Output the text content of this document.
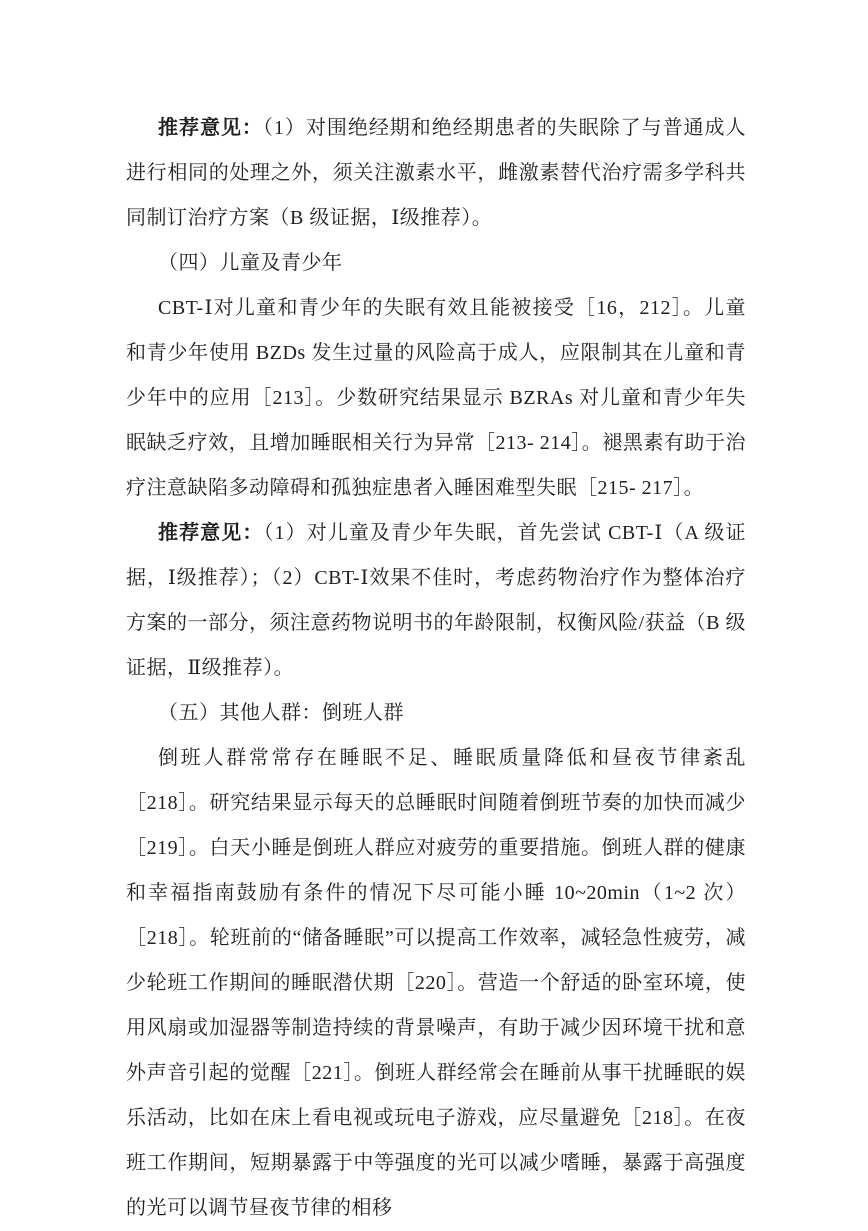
推荐意见：（1）对围绝经期和绝经期患者的失眠除了与普通成人进行相同的处理之外，须关注激素水平，雌激素替代治疗需多学科共同制订治疗方案（B 级证据，Ⅰ级推荐）。

（四）儿童及青少年

CBT-Ⅰ对儿童和青少年的失眠有效且能被接受［16，212］。儿童和青少年使用 BZDs 发生过量的风险高于成人，应限制其在儿童和青少年中的应用［213］。少数研究结果显示 BZRAs 对儿童和青少年失眠缺乏疗效，且增加睡眠相关行为异常［213- 214］。褪黑素有助于治疗注意缺陷多动障碍和孤独症患者入睡困难型失眠［215- 217］。

推荐意见：（1）对儿童及青少年失眠，首先尝试 CBT-Ⅰ（A 级证据，Ⅰ级推荐）；（2）CBT-Ⅰ效果不佳时，考虑药物治疗作为整体治疗方案的一部分，须注意药物说明书的年龄限制，权衡风险/获益（B 级证据，Ⅱ级推荐）。

（五）其他人群：倒班人群

倒班人群常常存在睡眠不足、睡眠质量降低和昼夜节律紊乱［218］。研究结果显示每天的总睡眠时间随着倒班节奏的加快而减少［219］。白天小睡是倒班人群应对疲劳的重要措施。倒班人群的健康和幸福指南鼓励有条件的情况下尽可能小睡 10~20min（1~2 次）［218］。轮班前的“储备睡眠”可以提高工作效率，减轻急性疲劳，减少轮班工作期间的睡眠潜伏期［220］。营造一个舒适的卧室环境，使用风扇或加湿器等制造持续的背景噪声，有助于减少因环境干扰和意外声音引起的觉醒［221］。倒班人群经常会在睡前从事干扰睡眠的娱乐活动，比如在床上看电视或玩电子游戏，应尽量避免［218］。在夜班工作期间，短期暴露于中等强度的光可以减少嗜睡，暴露于高强度的光可以调节昼夜节律的相移
